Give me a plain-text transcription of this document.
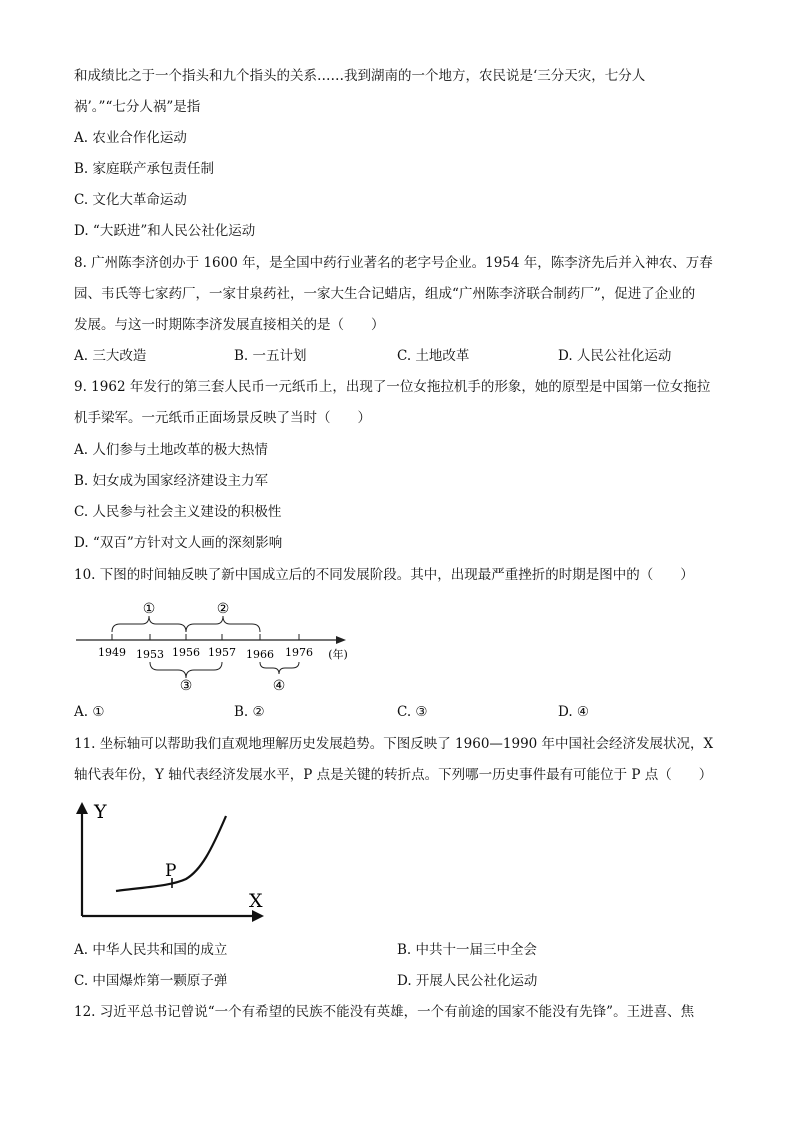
和成绩比之于一个指头和九个指头的关系……我到湖南的一个地方，农民说是‘三分天灾，七分人
祸’。”“七分人祸”是指
A. 农业合作化运动
B. 家庭联产承包责任制
C. 文化大革命运动
D. “大跃进”和人民公社化运动
8. 广州陈李济创办于 1600 年，是全国中药行业著名的老字号企业。1954 年，陈李济先后并入神农、万春
园、韦氏等七家药厂，一家甘泉药社，一家大生合记蜡店，组成“广州陈李济联合制药厂”，促进了企业的
发展。与这一时期陈李济发展直接相关的是（　　）
A. 三大改造	B. 一五计划	C. 土地改革	D. 人民公社化运动
9. 1962 年发行的第三套人民币一元纸币上，出现了一位女拖拉机手的形象，她的原型是中国第一位女拖拉
机手梁军。一元纸币正面场景反映了当时（　　）
A. 人们参与土地改革的极大热情
B. 妇女成为国家经济建设主力军
C. 人民参与社会主义建设的积极性
D. “双百”方针对文人画的深刻影响
10. 下图的时间轴反映了新中国成立后的不同发展阶段。其中，出现最严重挫折的时期是图中的（　　）
①	②
1949 1953 1956 1957 1966 1976 (年)
③	④
A. ①	B. ②	C. ③	D. ④
11. 坐标轴可以帮助我们直观地理解历史发展趋势。下图反映了 1960—1990 年中国社会经济发展状况，X
轴代表年份，Y 轴代表经济发展水平，P 点是关键的转折点。下列哪一历史事件最有可能位于 P 点（　　）
Y
X
P
A. 中华人民共和国的成立	B. 中共十一届三中全会
C. 中国爆炸第一颗原子弹	D. 开展人民公社化运动
12. 习近平总书记曾说“一个有希望的民族不能没有英雄，一个有前途的国家不能没有先锋”。王进喜、焦
